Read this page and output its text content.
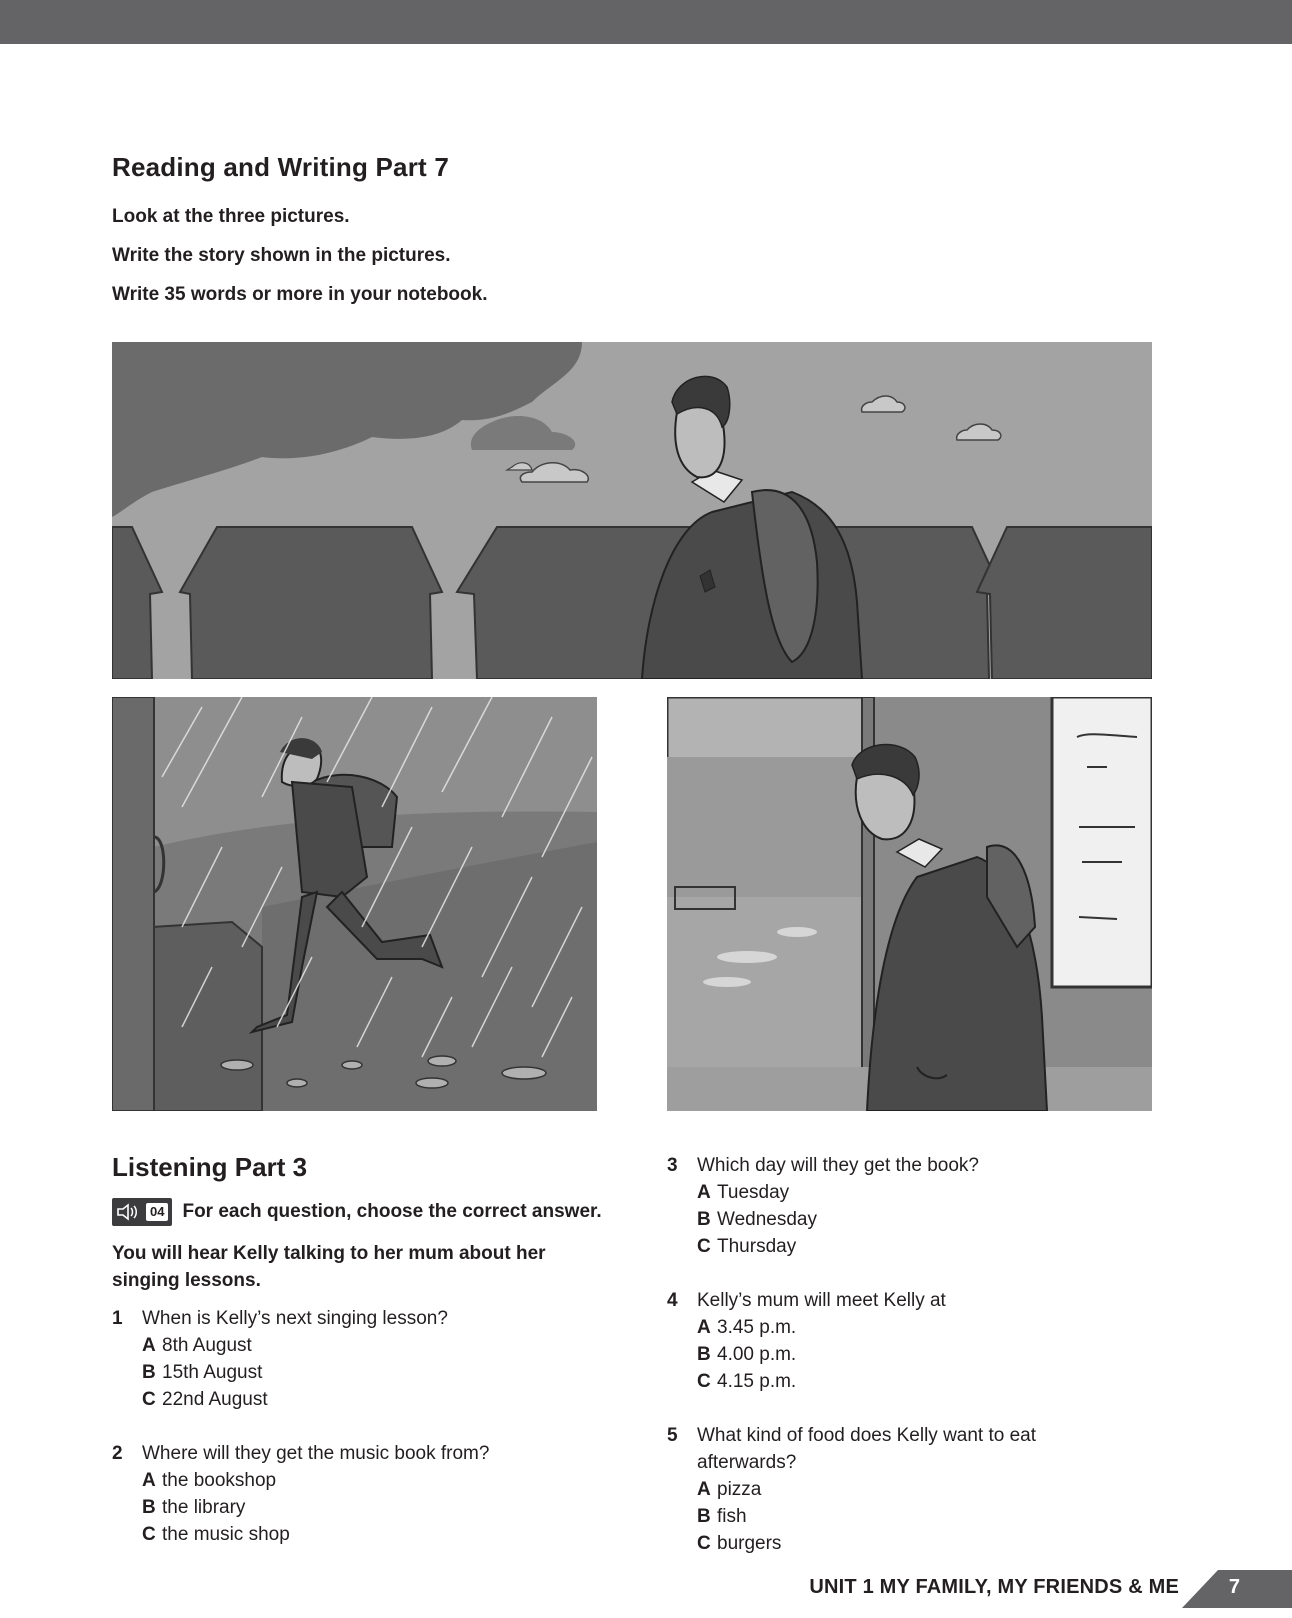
Reading and Writing Part 7
Look at the three pictures.
Write the story shown in the pictures.
Write 35 words or more in your notebook.
Listening Part 3
04 For each question, choose the correct answer.
You will hear Kelly talking to her mum about her singing lessons.
1 When is Kelly’s next singing lesson?
A 8th August
B 15th August
C 22nd August
2 Where will they get the music book from?
A the bookshop
B the library
C the music shop
3 Which day will they get the book?
A Tuesday
B Wednesday
C Thursday
4 Kelly’s mum will meet Kelly at
A 3.45 p.m.
B 4.00 p.m.
C 4.15 p.m.
5 What kind of food does Kelly want to eat afterwards?
A pizza
B fish
C burgers
UNIT 1 MY FAMILY, MY FRIENDS & ME 7
